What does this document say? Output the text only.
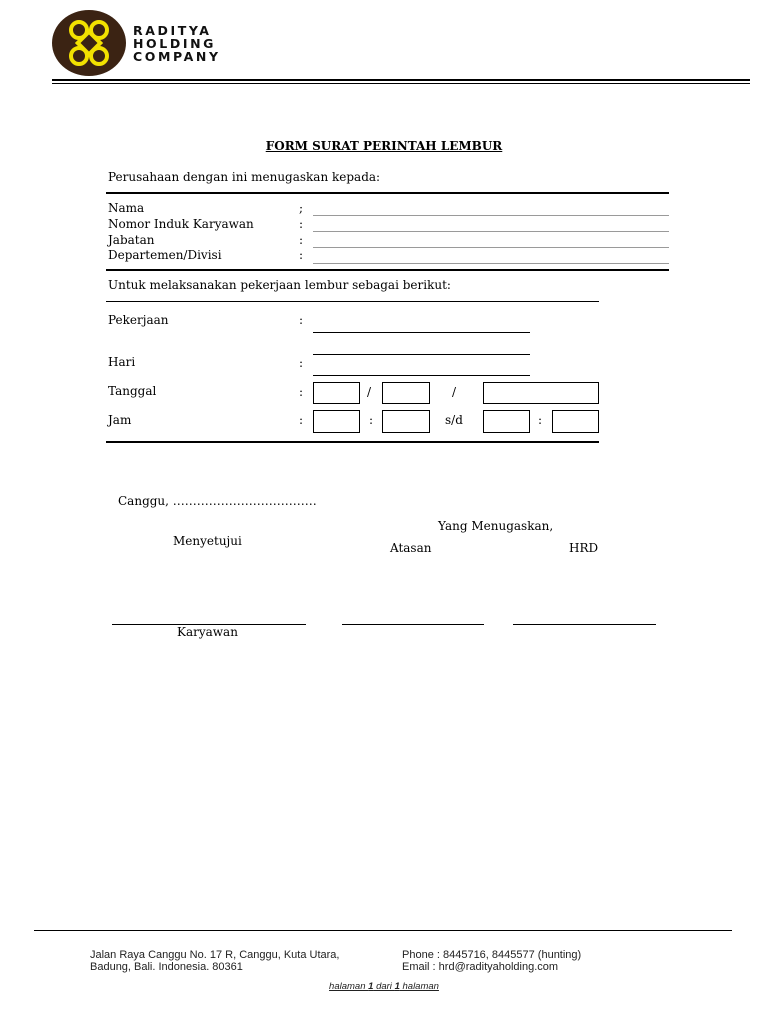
RADITYA
HOLDING
COMPANY
FORM SURAT PERINTAH LEMBUR
Perusahaan dengan ini menugaskan kepada:
Nama	;
Nomor Induk Karyawan	:
Jabatan	:
Departemen/Divisi	:
Untuk melaksanakan pekerjaan lembur sebagai berikut:
Pekerjaan	:
Hari	:
Tanggal	:	/	/
Jam	:	:	s/d	:
Canggu, ………………………………
Yang Menugaskan,
Menyetujui	Atasan	HRD
Karyawan
Jalan Raya Canggu No. 17 R, Canggu, Kuta Utara,
Badung, Bali. Indonesia. 80361
Phone : 8445716, 8445577 (hunting)
Email : hrd@radityaholding.com
halaman 1 dari 1 halaman
